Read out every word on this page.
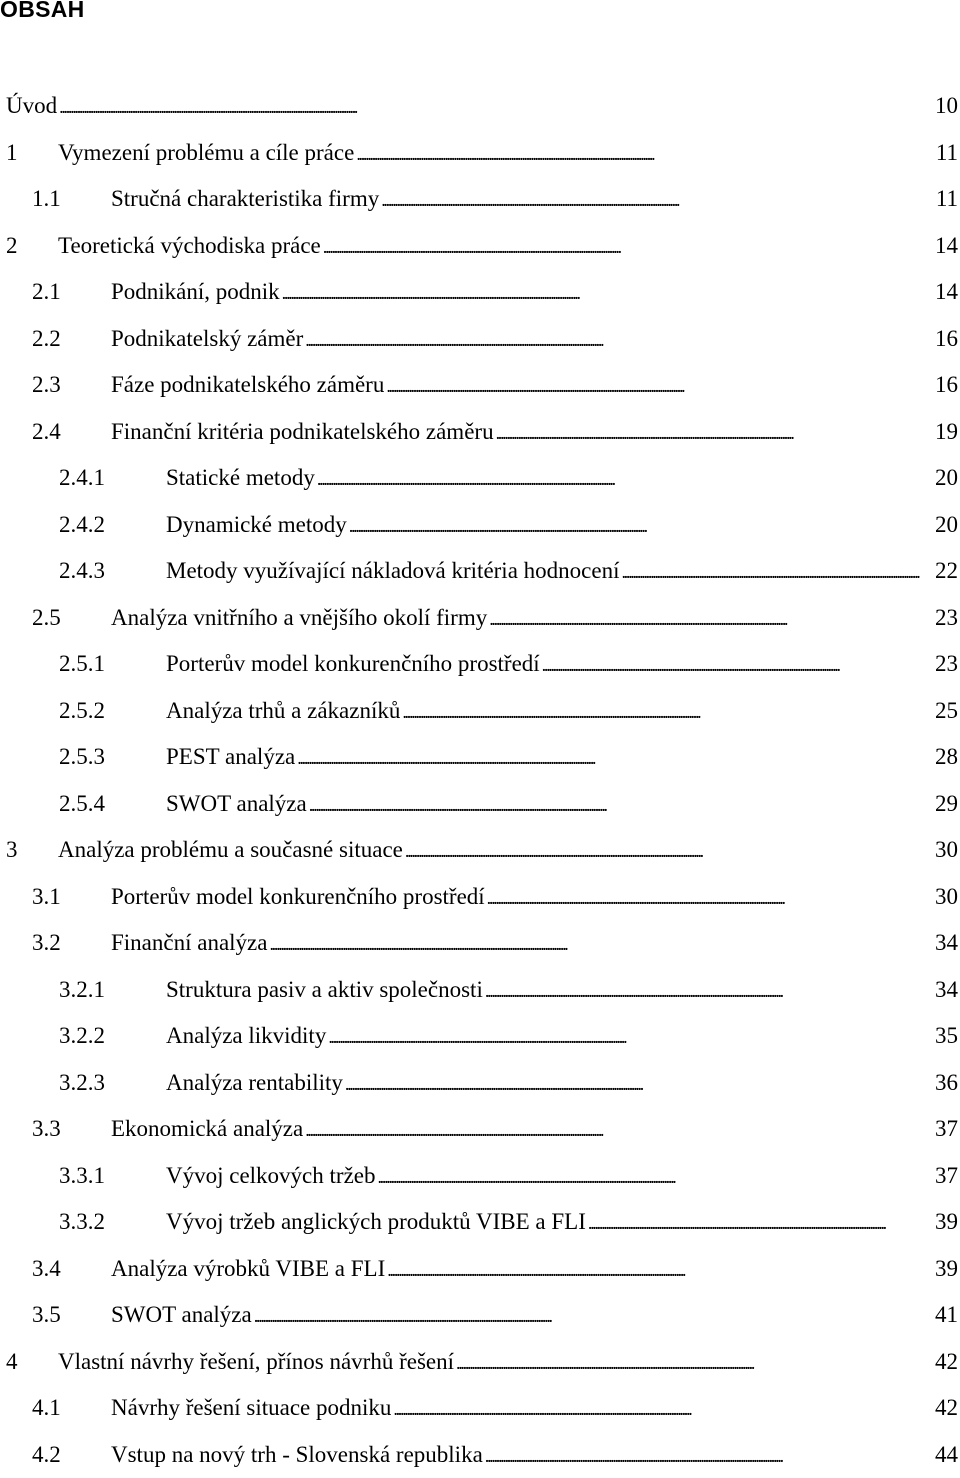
OBSAH
Úvod . . .	10
1	Vymezení problému a cíle práce . . .	11
1.1	Stručná charakteristika firmy . . .	11
2	Teoretická východiska práce . . .	14
2.1	Podnikání, podnik . . .	14
2.2	Podnikatelský záměr . . .	16
2.3	Fáze podnikatelského záměru . . .	16
2.4	Finanční kritéria podnikatelského záměru . . .	19
2.4.1	Statické metody . . .	20
2.4.2	Dynamické metody . . .	20
2.4.3	Metody využívající nákladová kritéria hodnocení . . .	22
2.5	Analýza vnitřního a vnějšího okolí firmy . . .	23
2.5.1	Porterův model konkurenčního prostředí . . .	23
2.5.2	Analýza trhů a zákazníků . . .	25
2.5.3	PEST analýza . . .	28
2.5.4	SWOT analýza . . .	29
3	Analýza problému a současné situace . . .	30
3.1	Porterův model konkurenčního prostředí . . .	30
3.2	Finanční analýza . . .	34
3.2.1	Struktura pasiv a aktiv společnosti . . .	34
3.2.2	Analýza likvidity . . .	35
3.2.3	Analýza rentability . . .	36
3.3	Ekonomická analýza . . .	37
3.3.1	Vývoj celkových tržeb . . .	37
3.3.2	Vývoj tržeb anglických produktů VIBE a FLI . . .	39
3.4	Analýza výrobků VIBE a FLI . . .	39
3.5	SWOT analýza . . .	41
4	Vlastní návrhy řešení, přínos návrhů řešení . . .	42
4.1	Návrhy řešení situace podniku . . .	42
4.2	Vstup na nový trh - Slovenská republika . . .	44
